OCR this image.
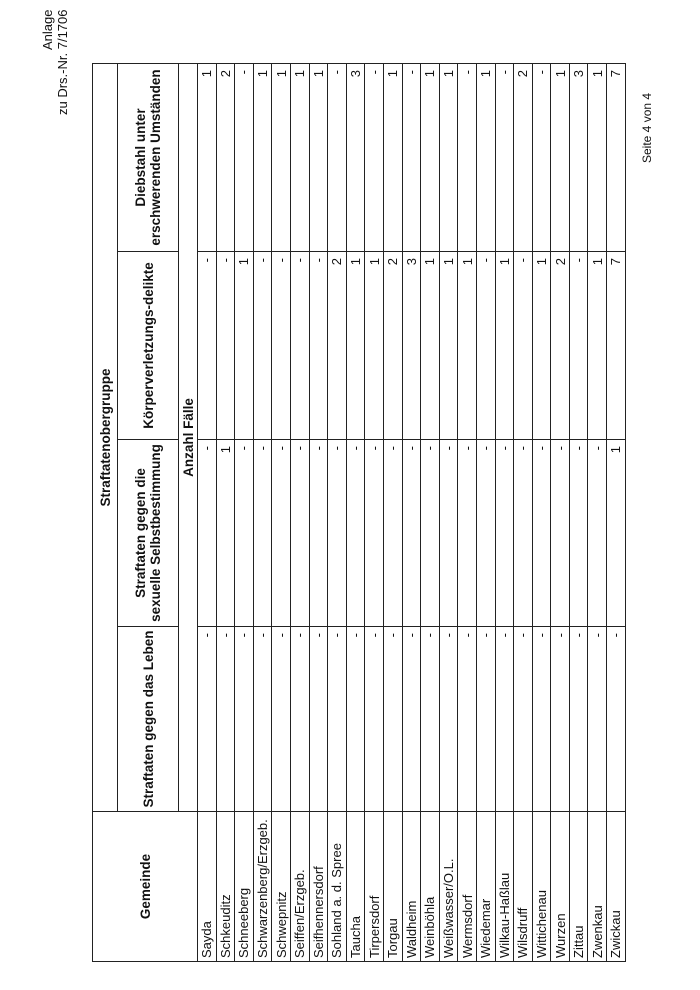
Anlage zu Drs.-Nr. 7/1706
Seite 4 von 4
Gemeinde	Straftatenobergruppe			
	Straftaten gegen das Leben	Straftaten gegen die sexuelle Selbstbestimmung	Körperverletzungs-delikte	Diebstahl unter erschwerenden Umständen
	Anzahl Fälle			
Sayda	-	-	-	1
Schkeuditz	-	1	-	2
Schneeberg	-	-	1	-
Schwarzenberg/Erzgeb.	-	-	-	1
Schwepnitz	-	-	-	1
Seiffen/Erzgeb.	-	-	-	1
Seifhennersdorf	-	-	-	1
Sohland a. d. Spree	-	-	2	-
Taucha	-	-	1	3
Tirpersdorf	-	-	1	-
Torgau	-	-	2	1
Waldheim	-	-	3	-
Weinböhla	-	-	1	1
Weißwasser/O.L.	-	-	1	1
Wermsdorf	-	-	1	-
Wiedemar	-	-	-	1
Wilkau-Haßlau	-	-	1	-
Wilsdruff	-	-	-	2
Wittichenau	-	-	1	-
Wurzen	-	-	2	1
Zittau	-	-	-	3
Zwenkau	-	-	1	1
Zwickau	-	1	7	7
